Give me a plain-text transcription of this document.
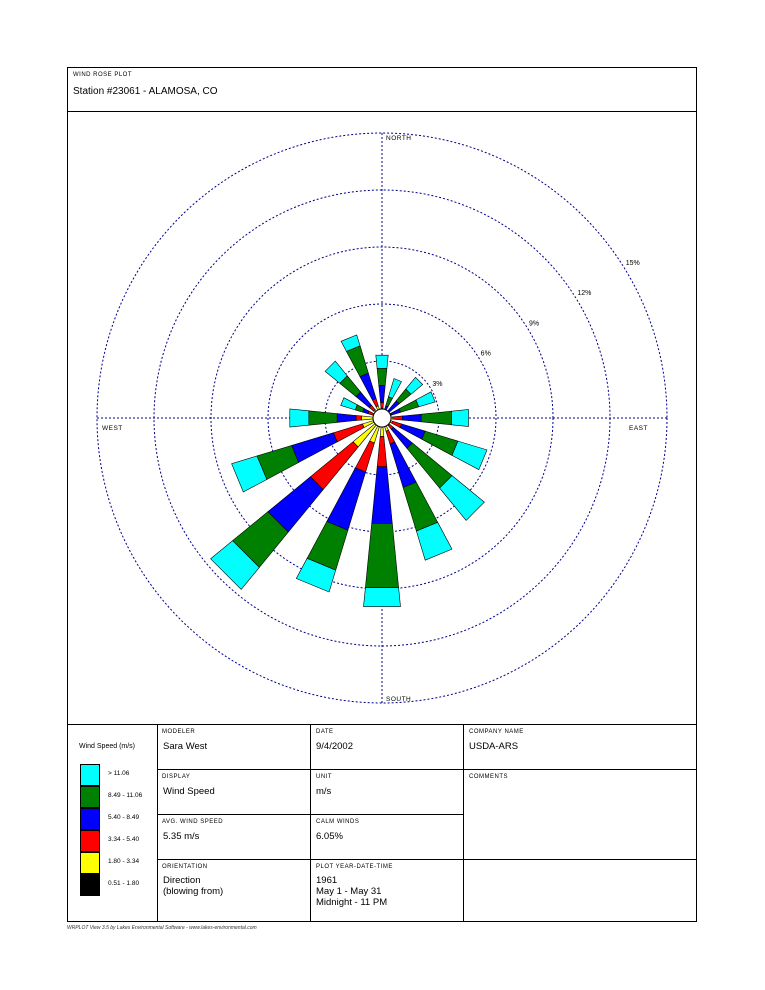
WIND ROSE PLOT
Station #23061 - ALAMOSA, CO
3%
6%
9%
12%
15%
NORTH
SOUTH
EAST
WEST
Wind Speed (m/s)
> 11.06
8.49 - 11.06
5.40 - 8.49
3.34 - 5.40
1.80 - 3.34
0.51 - 1.80
MODELER
Sara West
DATE
9/4/2002
COMPANY NAME
USDA-ARS
DISPLAY
Wind Speed
UNIT
m/s
COMMENTS
AVG. WIND SPEED
5.35 m/s
CALM WINDS
6.05%
ORIENTATION
Direction
(blowing from)
PLOT YEAR-DATE-TIME
1961
May 1 - May 31
Midnight - 11 PM
WRPLOT View 3.5 by Lakes Environmental Software - www.lakes-environmental.com
